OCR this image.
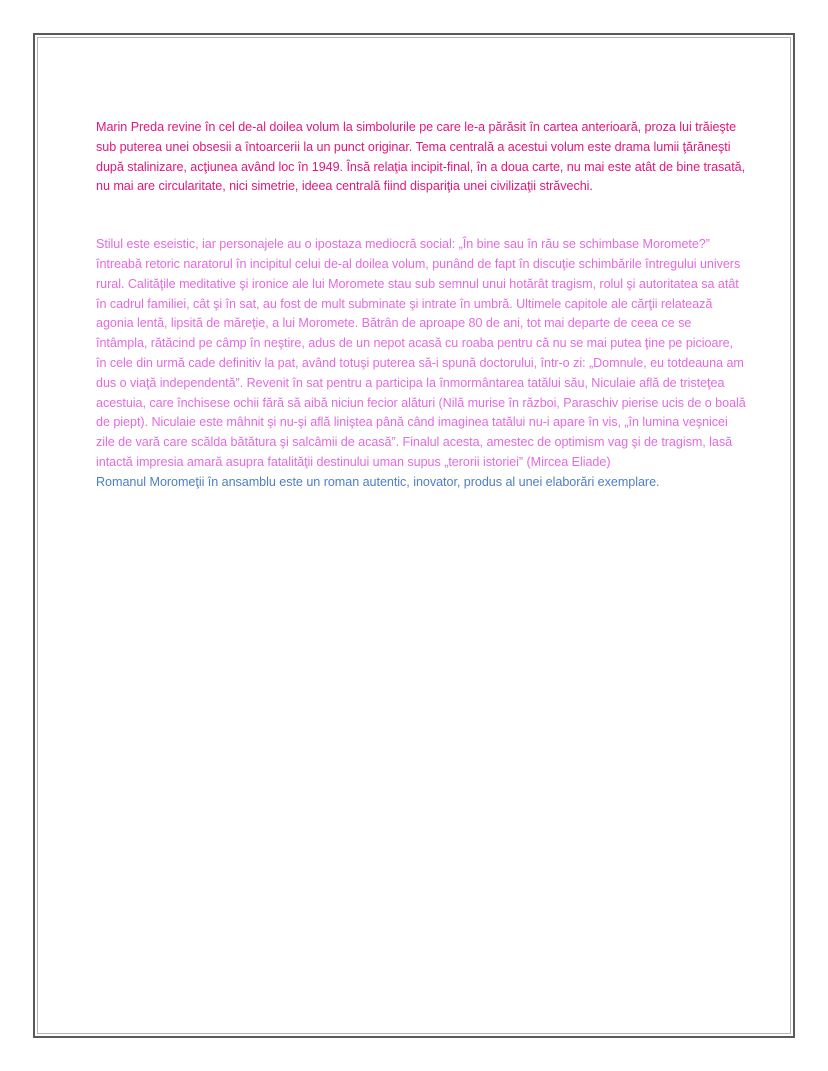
Marin Preda revine în cel de-al doilea volum la simbolurile pe care le-a părăsit în cartea anterioară, proza lui trăieşte sub puterea unei obsesii a întoarcerii la un punct originar. Tema centrală a acestui volum este drama lumii ţărăneşti după stalinizare, acţiunea având loc în 1949. Însă relaţia incipit-final, în a doua carte, nu mai este atât de bine trasată, nu mai are circularitate, nici simetrie, ideea centrală fiind dispariţia unei civilizaţii străvechi.

Stilul este eseistic, iar personajele au o ipostaza mediocră social: „În bine sau în rău se schimbase Moromete?” întreabă retoric naratorul în incipitul celui de-al doilea volum, punând de fapt în discuţie schimbările întregului univers rural. Calităţile meditative şi ironice ale lui Moromete stau sub semnul unui hotărât tragism, rolul şi autoritatea sa atât în cadrul familiei, cât şi în sat, au fost de mult subminate şi intrate în umbră. Ultimele capitole ale cărţii relatează agonia lentă, lipsită de măreţie, a lui Moromete. Bătrân de aproape 80 de ani, tot mai departe de ceea ce se întâmpla, rătăcind pe câmp în neştire, adus de un nepot acasă cu roaba pentru că nu se mai putea ţine pe picioare, în cele din urmă cade definitiv la pat, având totuşi puterea să-i spună doctorului, într-o zi: „Domnule, eu totdeauna am dus o viaţă independentă”. Revenit în sat pentru a participa la înmormântarea tatălui său, Niculaie află de tristeţea acestuia, care închisese ochii fără să aibă niciun fecior alături (Nilă murise în război, Paraschiv pierise ucis de o boală de piept). Niculaie este mâhnit şi nu-şi află liniştea până când imaginea tatălui nu-i apare în vis, „în lumina veşnicei zile de vară care scălda bătătura şi salcâmii de acasă”. Finalul acesta, amestec de optimism vag şi de tragism, lasă intactă impresia amară asupra fatalităţii destinului uman supus „terorii istoriei” (Mircea Eliade)

Romanul Moromeţii în ansamblu este un roman autentic, inovator, produs al unei elaborări exemplare.
